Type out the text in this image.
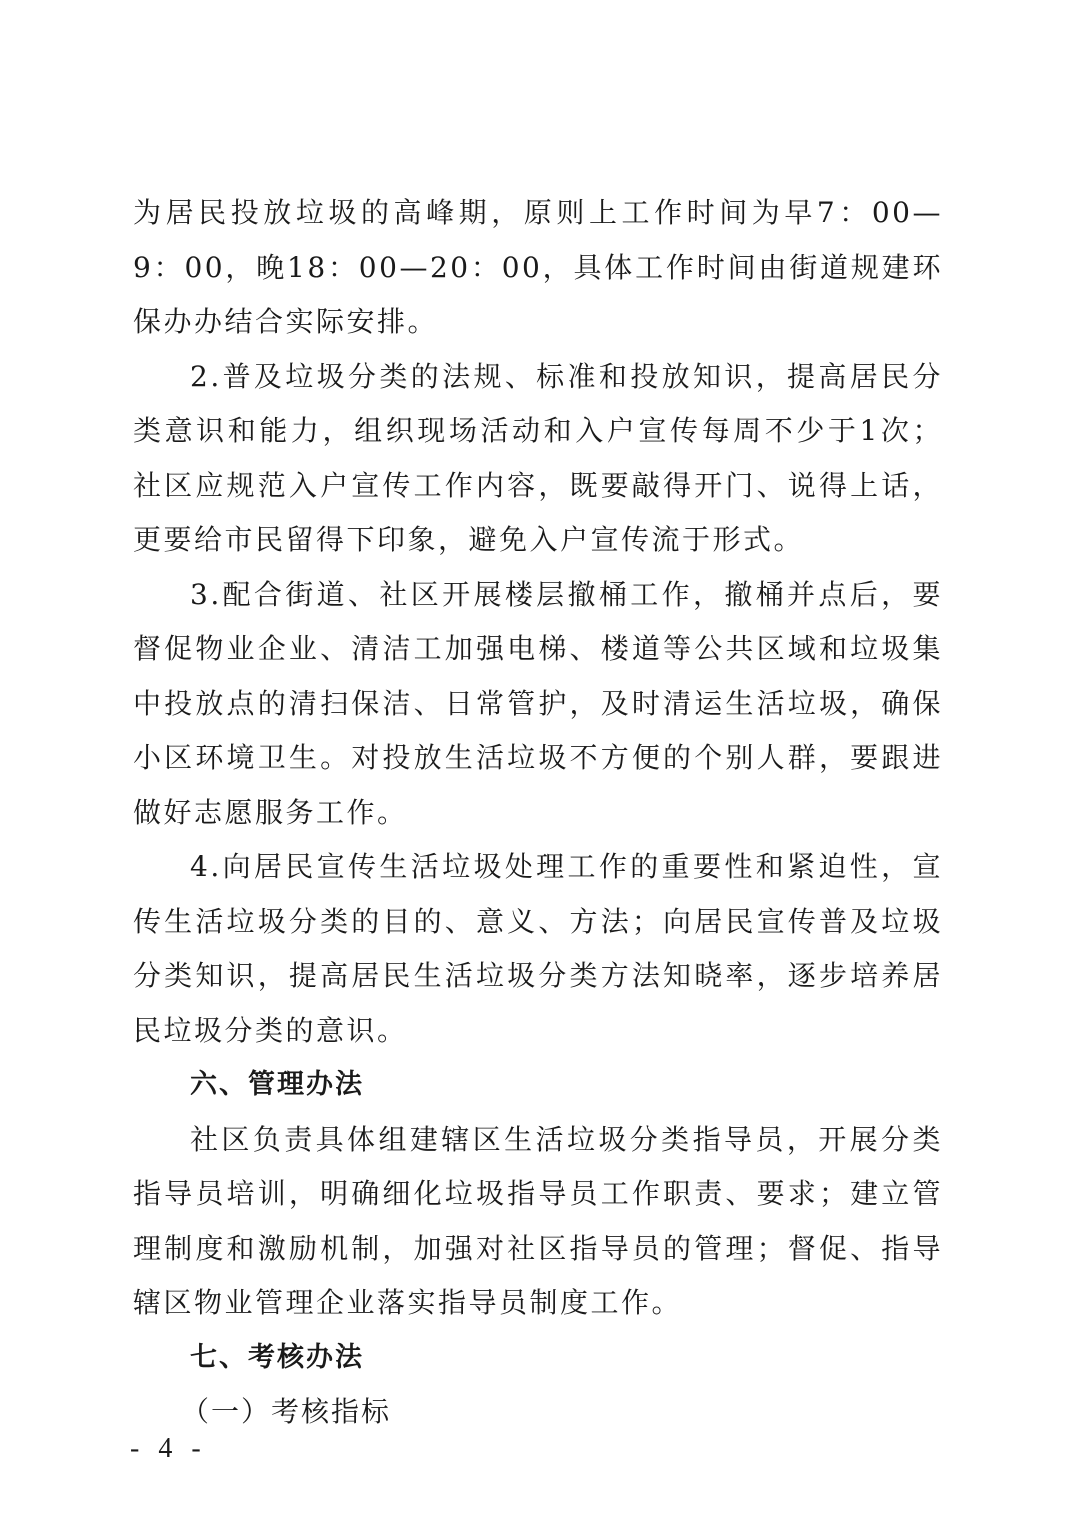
为居民投放垃圾的高峰期，原则上工作时间为早7：00—9：00，晚18：00—20：00，具体工作时间由街道规建环保办办结合实际安排。

2.普及垃圾分类的法规、标准和投放知识，提高居民分类意识和能力，组织现场活动和入户宣传每周不少于1次；社区应规范入户宣传工作内容，既要敲得开门、说得上话，更要给市民留得下印象，避免入户宣传流于形式。

3.配合街道、社区开展楼层撤桶工作，撤桶并点后，要督促物业企业、清洁工加强电梯、楼道等公共区域和垃圾集中投放点的清扫保洁、日常管护，及时清运生活垃圾，确保小区环境卫生。对投放生活垃圾不方便的个别人群，要跟进做好志愿服务工作。

4.向居民宣传生活垃圾处理工作的重要性和紧迫性，宣传生活垃圾分类的目的、意义、方法；向居民宣传普及垃圾分类知识，提高居民生活垃圾分类方法知晓率，逐步培养居民垃圾分类的意识。

六、管理办法

社区负责具体组建辖区生活垃圾分类指导员，开展分类指导员培训，明确细化垃圾指导员工作职责、要求；建立管理制度和激励机制，加强对社区指导员的管理；督促、指导辖区物业管理企业落实指导员制度工作。

七、考核办法

（一）考核指标

- 4 -
